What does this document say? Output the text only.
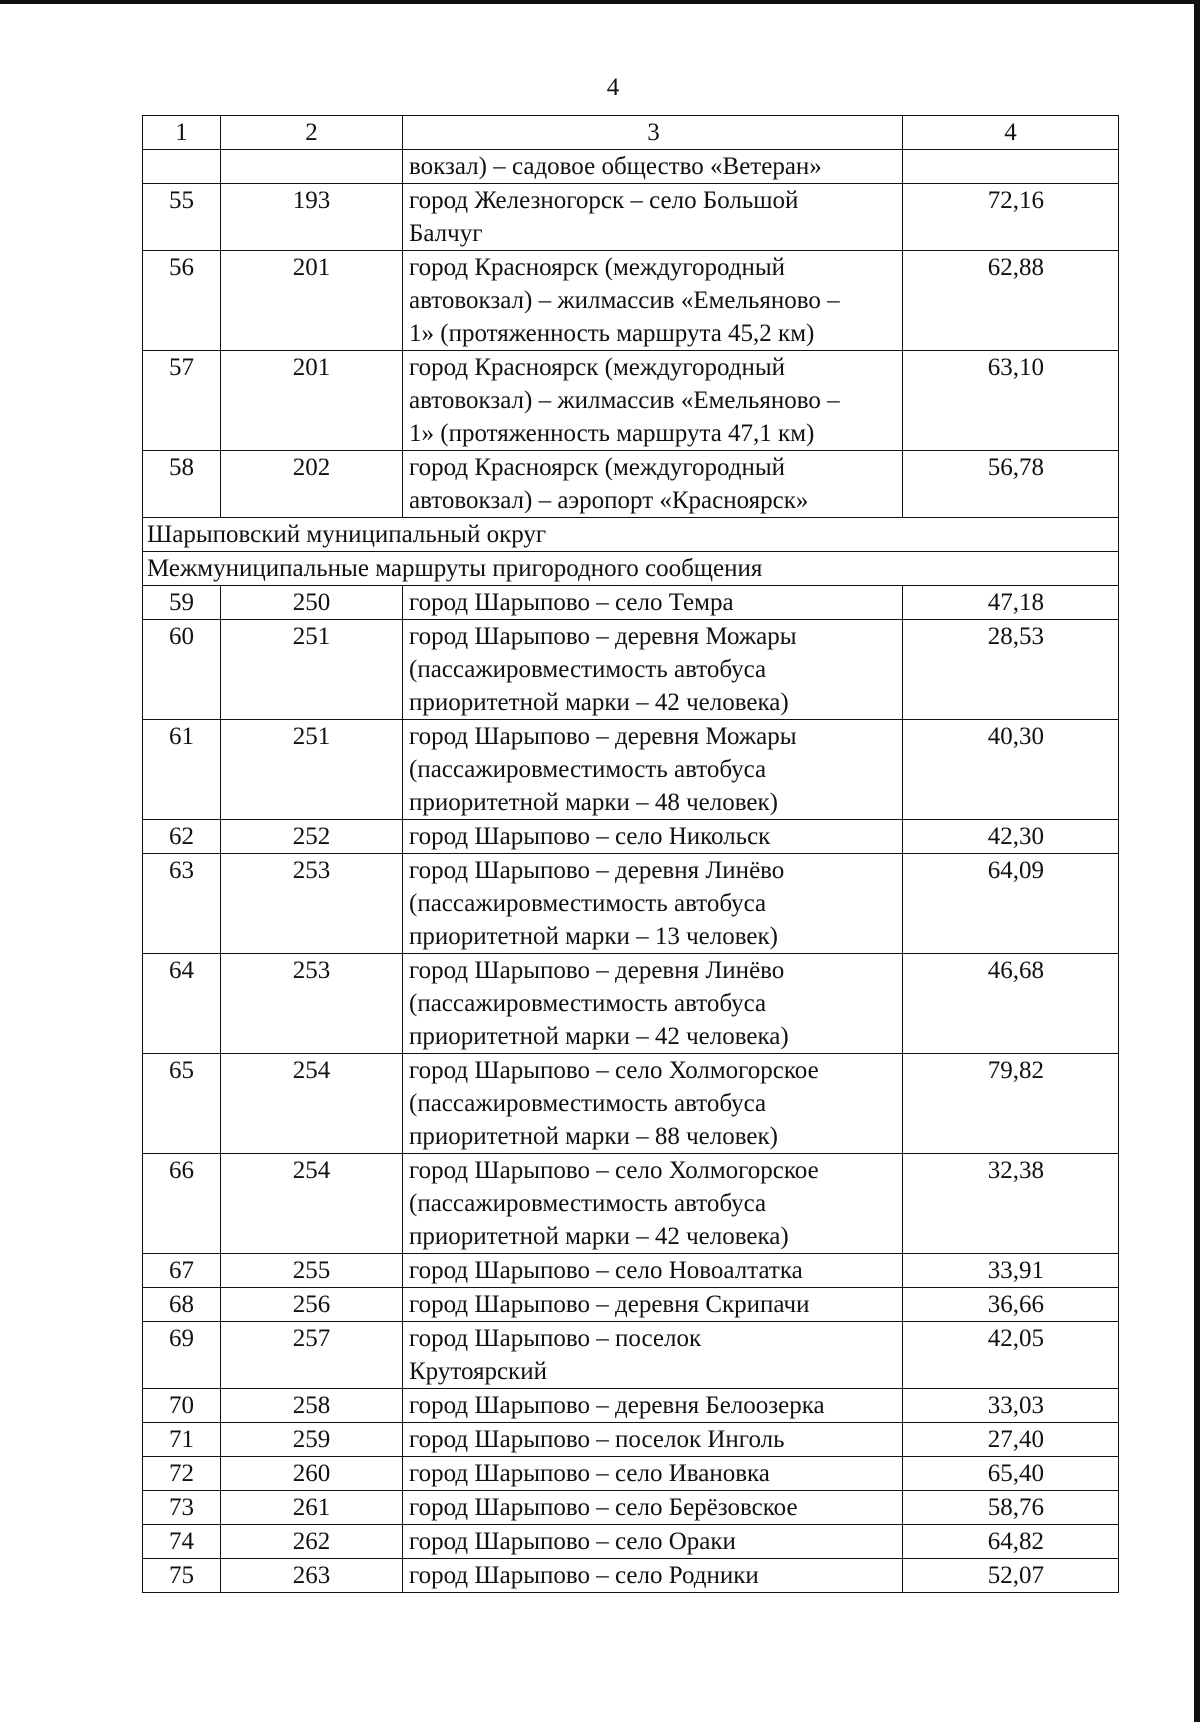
4
1	2	3	4
		вокзал) – садовое общество «Ветеран»	
55	193	город Железногорск – село Большой
Балчуг	72,16
56	201	город Красноярск (междугородный
автовокзал) – жилмассив «Емельяново –
1» (протяженность маршрута 45,2 км)	62,88
57	201	город Красноярск (междугородный
автовокзал) – жилмассив «Емельяново –
1» (протяженность маршрута 47,1 км)	63,10
58	202	город Красноярск (междугородный
автовокзал) – аэропорт «Красноярск»	56,78
Шарыповский муниципальный округ			
Межмуниципальные маршруты пригородного сообщения			
59	250	город Шарыпово – село Темра	47,18
60	251	город Шарыпово – деревня Можары
(пассажировместимость автобуса
приоритетной марки – 42 человека)	28,53
61	251	город Шарыпово – деревня Можары
(пассажировместимость автобуса
приоритетной марки – 48 человек)	40,30
62	252	город Шарыпово – село Никольск	42,30
63	253	город Шарыпово – деревня Линёво
(пассажировместимость автобуса
приоритетной марки – 13 человек)	64,09
64	253	город Шарыпово – деревня Линёво
(пассажировместимость автобуса
приоритетной марки – 42 человека)	46,68
65	254	город Шарыпово – село Холмогорское
(пассажировместимость автобуса
приоритетной марки – 88 человек)	79,82
66	254	город Шарыпово – село Холмогорское
(пассажировместимость автобуса
приоритетной марки – 42 человека)	32,38
67	255	город Шарыпово – село Новоалтатка	33,91
68	256	город Шарыпово – деревня Скрипачи	36,66
69	257	город Шарыпово – поселок
Крутоярский	42,05
70	258	город Шарыпово – деревня Белоозерка	33,03
71	259	город Шарыпово – поселок Инголь	27,40
72	260	город Шарыпово – село Ивановка	65,40
73	261	город Шарыпово – село Берёзовское	58,76
74	262	город Шарыпово – село Ораки	64,82
75	263	город Шарыпово – село Родники	52,07
